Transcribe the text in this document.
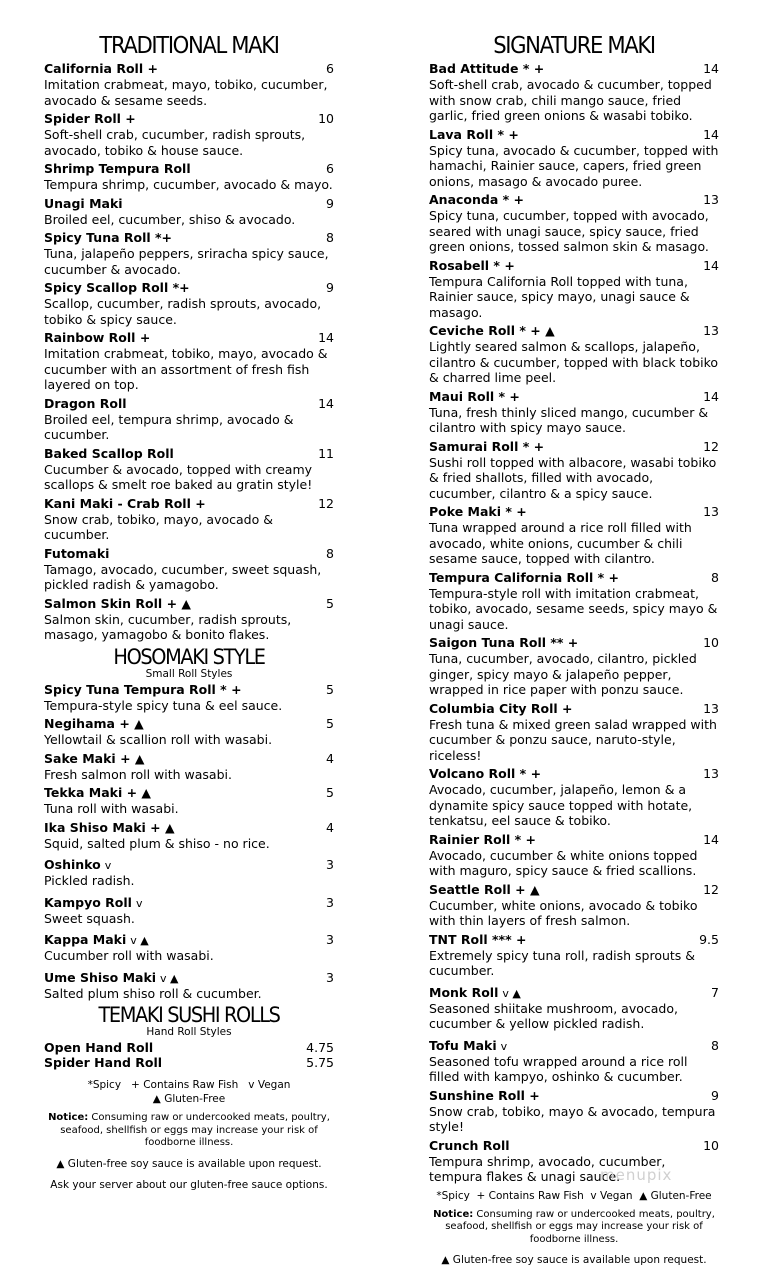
TRADITIONAL MAKI
California Roll +	6
Imitation crabmeat, mayo, tobiko, cucumber, avocado & sesame seeds.
Spider Roll +	10
Soft-shell crab, cucumber, radish sprouts, avocado, tobiko & house sauce.
Shrimp Tempura Roll	6
Tempura shrimp, cucumber, avocado & mayo.
Unagi Maki	9
Broiled eel, cucumber, shiso & avocado.
Spicy Tuna Roll *+	8
Tuna, jalapeño peppers, sriracha spicy sauce, cucumber & avocado.
Spicy Scallop Roll *+	9
Scallop, cucumber, radish sprouts, avocado, tobiko & spicy sauce.
Rainbow Roll +	14
Imitation crabmeat, tobiko, mayo, avocado & cucumber with an assortment of fresh fish layered on top.
Dragon Roll	14
Broiled eel, tempura shrimp, avocado & cucumber.
Baked Scallop Roll	11
Cucumber & avocado, topped with creamy scallops & smelt roe baked au gratin style!
Kani Maki - Crab Roll +	12
Snow crab, tobiko, mayo, avocado & cucumber.
Futomaki	8
Tamago, avocado, cucumber, sweet squash, pickled radish & yamagobo.
Salmon Skin Roll + ▲	5
Salmon skin, cucumber, radish sprouts, masago, yamagobo & bonito flakes.
HOSOMAKI STYLE
Small Roll Styles
Spicy Tuna Tempura Roll * +	5
Tempura-style spicy tuna & eel sauce.
Negihama + ▲	5
Yellowtail & scallion roll with wasabi.
Sake Maki + ▲	4
Fresh salmon roll with wasabi.
Tekka Maki + ▲	5
Tuna roll with wasabi.
Ika Shiso Maki + ▲	4
Squid, salted plum & shiso - no rice.
Oshinko v	3
Pickled radish.
Kampyo Roll v	3
Sweet squash.
Kappa Maki v ▲	3
Cucumber roll with wasabi.
Ume Shiso Maki v ▲	3
Salted plum shiso roll & cucumber.
TEMAKI SUSHI ROLLS
Hand Roll Styles
Open Hand Roll	4.75
Spider Hand Roll	5.75
*Spicy   + Contains Raw Fish   v Vegan
▲ Gluten-Free
Notice: Consuming raw or undercooked meats, poultry, seafood, shellfish or eggs may increase your risk of foodborne illness.
▲ Gluten-free soy sauce is available upon request.
Ask your server about our gluten-free sauce options.
SIGNATURE MAKI
Bad Attitude * +	14
Soft-shell crab, avocado & cucumber, topped with snow crab, chili mango sauce, fried garlic, fried green onions & wasabi tobiko.
Lava Roll * +	14
Spicy tuna, avocado & cucumber, topped with hamachi, Rainier sauce, capers, fried green onions, masago & avocado puree.
Anaconda * +	13
Spicy tuna, cucumber, topped with avocado, seared with unagi sauce, spicy sauce, fried green onions, tossed salmon skin & masago.
Rosabell * +	14
Tempura California Roll topped with tuna, Rainier sauce, spicy mayo, unagi sauce & masago.
Ceviche Roll * + ▲	13
Lightly seared salmon & scallops, jalapeño, cilantro & cucumber, topped with black tobiko & charred lime peel.
Maui Roll * +	14
Tuna, fresh thinly sliced mango, cucumber & cilantro with spicy mayo sauce.
Samurai Roll * +	12
Sushi roll topped with albacore, wasabi tobiko & fried shallots, filled with avocado, cucumber, cilantro & a spicy sauce.
Poke Maki * +	13
Tuna wrapped around a rice roll filled with avocado, white onions, cucumber & chili sesame sauce, topped with cilantro.
Tempura California Roll * +	8
Tempura-style roll with imitation crabmeat, tobiko, avocado, sesame seeds, spicy mayo & unagi sauce.
Saigon Tuna Roll ** +	10
Tuna, cucumber, avocado, cilantro, pickled ginger, spicy mayo & jalapeño pepper, wrapped in rice paper with ponzu sauce.
Columbia City Roll +	13
Fresh tuna & mixed green salad wrapped with cucumber & ponzu sauce, naruto-style, riceless!
Volcano Roll * +	13
Avocado, cucumber, jalapeño, lemon & a dynamite spicy sauce topped with hotate, tenkatsu, eel sauce & tobiko.
Rainier Roll * +	14
Avocado, cucumber & white onions topped with maguro, spicy sauce & fried scallions.
Seattle Roll + ▲	12
Cucumber, white onions, avocado & tobiko with thin layers of fresh salmon.
TNT Roll *** +	9.5
Extremely spicy tuna roll, radish sprouts & cucumber.
Monk Roll v ▲	7
Seasoned shiitake mushroom, avocado, cucumber & yellow pickled radish.
Tofu Maki v	8
Seasoned tofu wrapped around a rice roll filled with kampyo, oshinko & cucumber.
Sunshine Roll +	9
Snow crab, tobiko, mayo & avocado, tempura style!
Crunch Roll	10
Tempura shrimp, avocado, cucumber, tempura flakes & unagi sauce.
*Spicy  + Contains Raw Fish  v Vegan  ▲ Gluten-Free
Notice: Consuming raw or undercooked meats, poultry, seafood, shellfish or eggs may increase your risk of foodborne illness.
▲ Gluten-free soy sauce is available upon request.
menupix
